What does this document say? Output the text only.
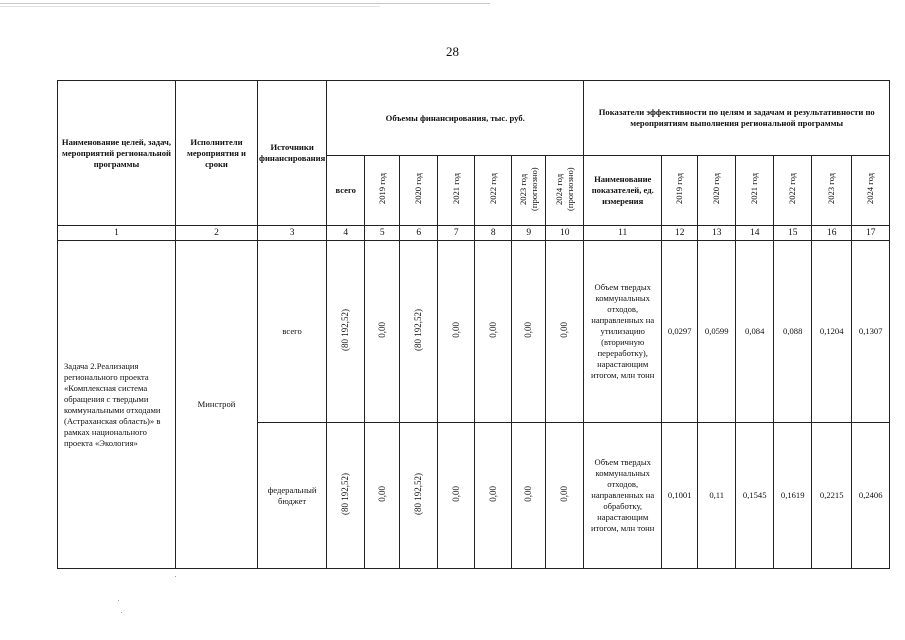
28
Наименование целей, задач, мероприятий региональной программы	Исполнители мероприятия и сроки	Источники финансирования	Объемы финансирования, тыс. руб.							Показатели эффективности по целям и задачам и результативности по мероприятиям выполнения региональной программы						
			всего	2019 год	2020 год	2021 год	2022 год	2023 год (прогнозно)	2024 год (прогнозно)	Наименование показателей, ед. измерения	2019 год	2020 год	2021 год	2022 год	2023 год	2024 год
1	2	3	4	5	6	7	8	9	10	11	12	13	14	15	16	17
Задача 2.Реализация регионального проекта «Комплексная система обращения с твердыми коммунальными отходами (Астраханская область)» в рамках национального проекта «Экология»	Минстрой	всего	(80 192,52)	0,00	(80 192,52)	0,00	0,00	0,00	0,00	Объем твердых коммунальных отходов, направленных на утилизацию (вторичную переработку), нарастающим итогом, млн тонн	0,0297	0,0599	0,084	0,088	0,1204	0,1307
		федеральный бюджет	(80 192,52)	0,00	(80 192,52)	0,00	0,00	0,00	0,00	Объем твердых коммунальных отходов, направленных на обработку, нарастающим итогом, млн тонн	0,1001	0,11	0,1545	0,1619	0,2215	0,2406
